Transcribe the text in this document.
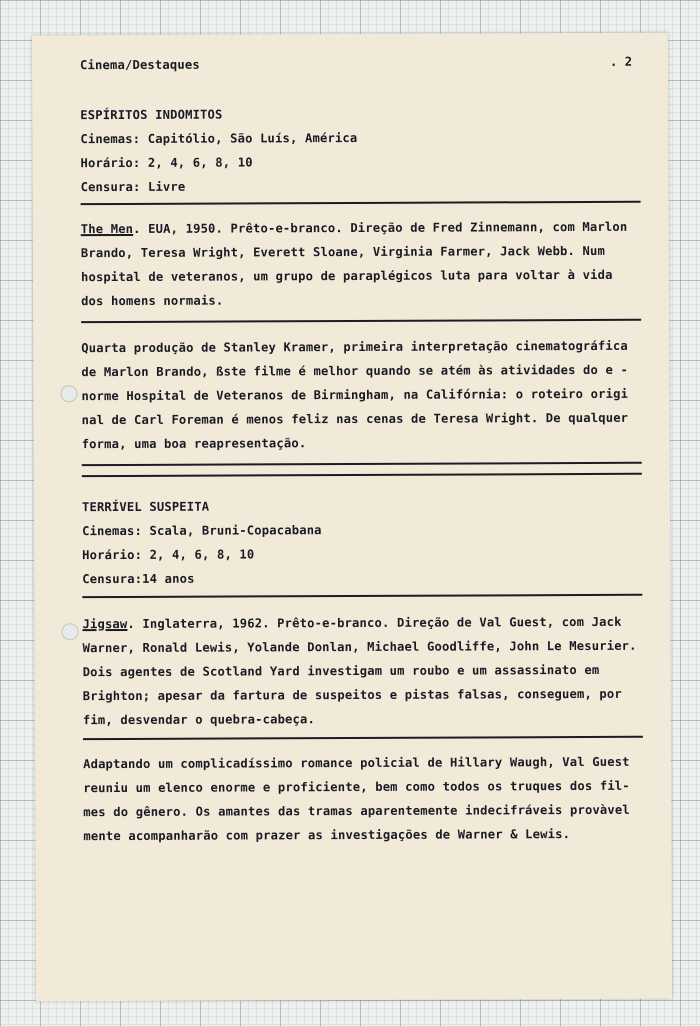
Cinema/Destaques	. 2

ESPÍRITOS INDOMITOS

Cinemas: Capitólio, São Luís, América

Horário: 2, 4, 6, 8, 10

Censura: Livre

The Men. EUA, 1950. Prêto-e-branco. Direção de Fred Zinnemann, com Marlon

Brando, Teresa Wright, Everett Sloane, Virginia Farmer, Jack Webb. Num

hospital de veteranos, um grupo de paraplégicos luta para voltar à vida

dos homens normais.

Quarta produção de Stanley Kramer, primeira interpretação cinematográfica

de Marlon Brando, ßste filme é melhor quando se atém às atividades do e -

norme Hospital de Veteranos de Birmingham, na Califórnia: o roteiro origi

nal de Carl Foreman é menos feliz nas cenas de Teresa Wright. De qualquer

forma, uma boa reapresentação.

TERRÍVEL SUSPEITA

Cinemas: Scala, Bruni-Copacabana

Horário: 2, 4, 6, 8, 10

Censura:14 anos

Jigsaw. Inglaterra, 1962. Prêto-e-branco. Direção de Val Guest, com Jack

Warner, Ronald Lewis, Yolande Donlan, Michael Goodliffe, John Le Mesurier.

Dois agentes de Scotland Yard investigam um roubo e um assassinato em

Brighton; apesar da fartura de suspeitos e pistas falsas, conseguem, por

fim, desvendar o quebra-cabeça.

Adaptando um complicadíssimo romance policial de Hillary Waugh, Val Guest

reuniu um elenco enorme e proficiente, bem como todos os truques dos fil-

mes do gênero. Os amantes das tramas aparentemente indecifráveis provàvel

mente acompanharão com prazer as investigações de Warner & Lewis.
